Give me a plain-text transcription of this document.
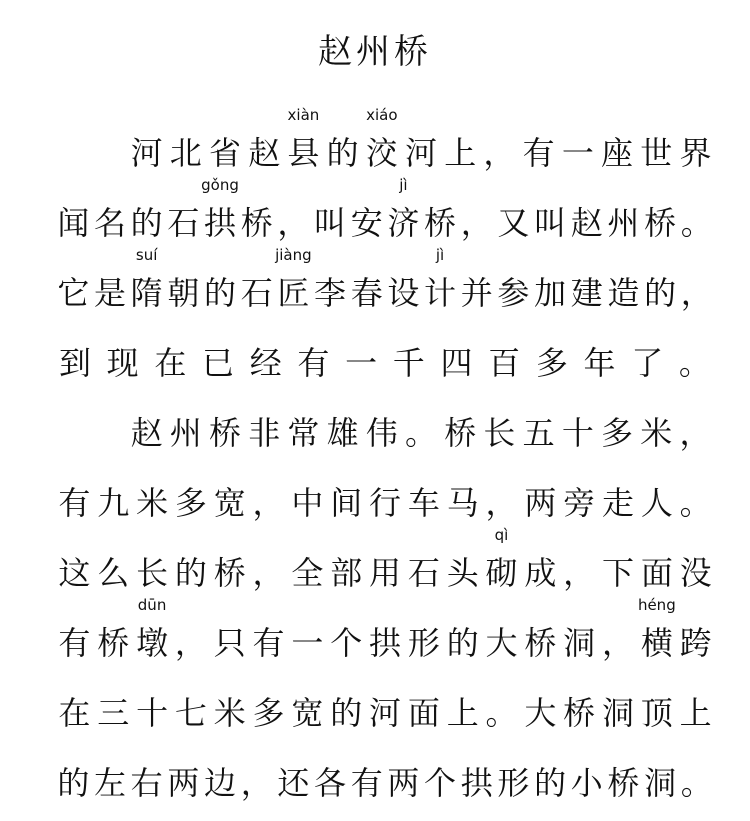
赵州桥
河 北 省 赵
xiàn
县 的
xiáo
洨 河 上 ， 有 一 座 世 界
闻 名 的 石
gǒng
拱 桥 ， 叫 安
jì
济 桥 ， 又 叫 赵 州 桥 。
它 是
suí
隋 朝 的 石
jiàng
匠 李 春 设
jì
计 并 参 加 建 造 的 ，
到 现 在 已 经 有 一 千 四 百 多 年 了 。
赵 州 桥 非 常 雄 伟 。 桥 长 五 十 多 米 ，
有 九 米 多 宽 ， 中 间 行 车 马 ， 两 旁 走 人 。
这 么 长 的 桥 ， 全 部 用 石 头
qì
砌 成 ， 下 面 没
有 桥
dūn
墩 ， 只 有 一 个 拱 形 的 大 桥 洞 ，
héng
横 跨
在 三 十 七 米 多 宽 的 河 面 上 。 大 桥 洞 顶 上
的 左 右 两 边 ， 还 各 有 两 个 拱 形 的 小 桥 洞 。
